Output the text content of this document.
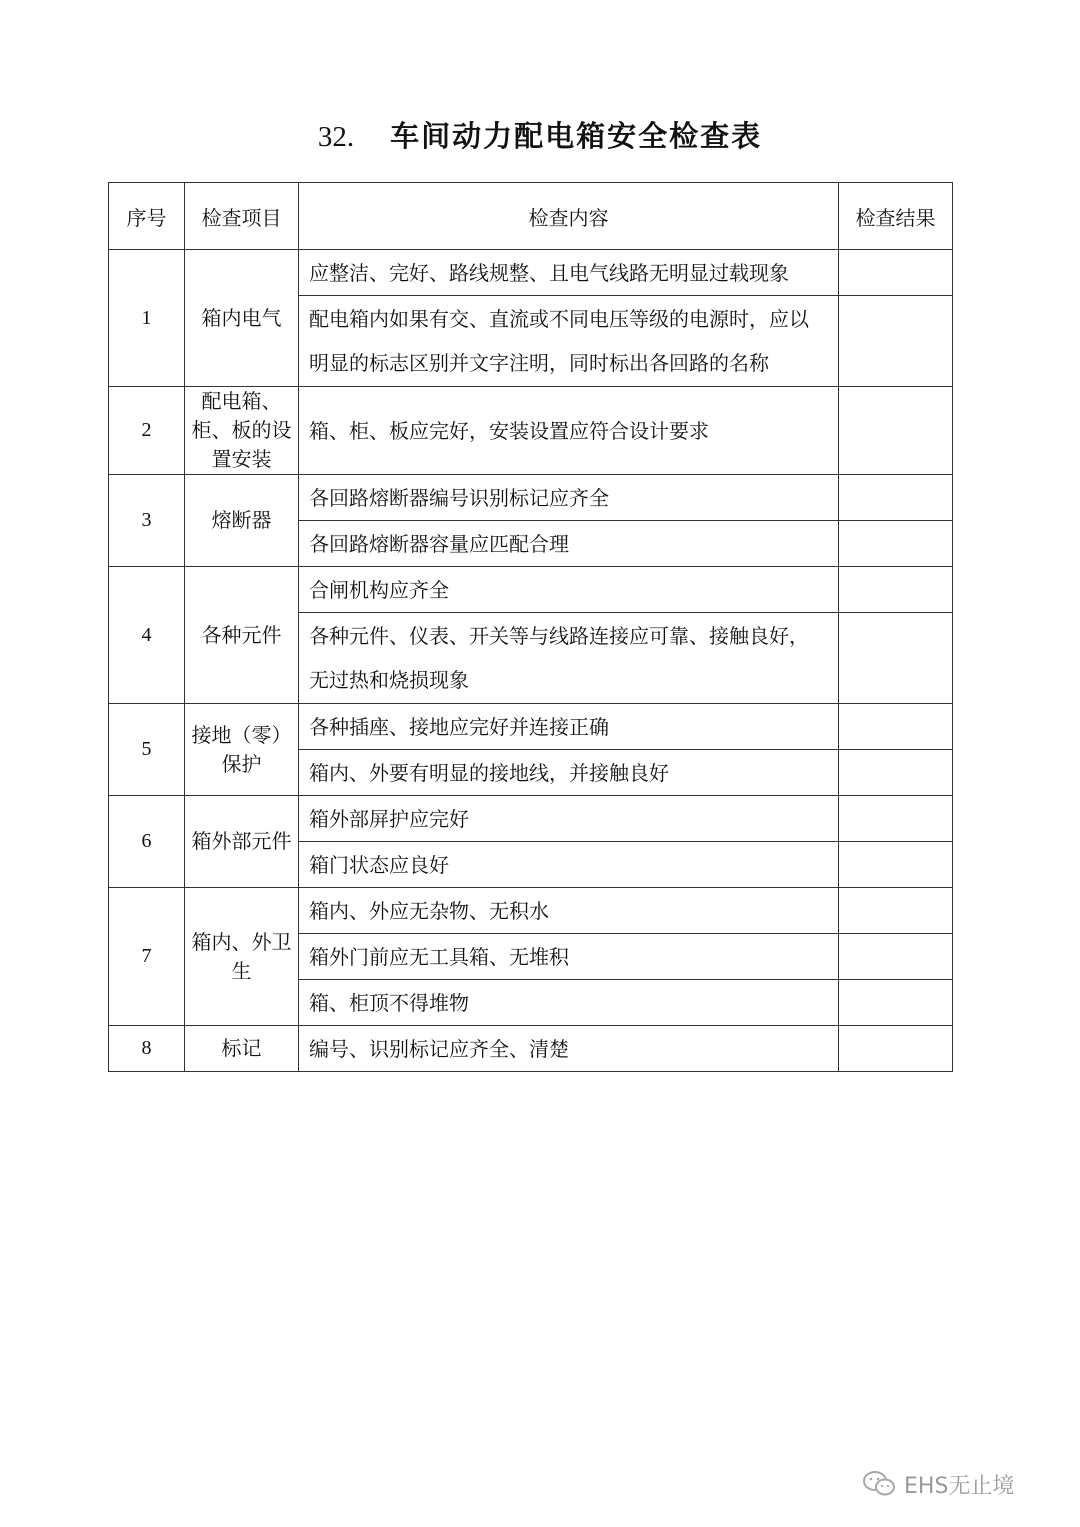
32. 车间动力配电箱安全检查表
序号	检查项目	检查内容	检查结果
1	箱内电气	应整洁、完好、路线规整、且电气线路无明显过载现象	
		配电箱内如果有交、直流或不同电压等级的电源时，应以明显的标志区别并文字注明，同时标出各回路的名称	
2	配电箱、柜、板的设置安装	箱、柜、板应完好，安装设置应符合设计要求	
3	熔断器	各回路熔断器编号识别标记应齐全	
		各回路熔断器容量应匹配合理	
4	各种元件	合闸机构应齐全	
		各种元件、仪表、开关等与线路连接应可靠、接触良好，无过热和烧损现象	
5	接地（零）保护	各种插座、接地应完好并连接正确	
		箱内、外要有明显的接地线，并接触良好	
6	箱外部元件	箱外部屏护应完好	
		箱门状态应良好	
7	箱内、外卫生	箱内、外应无杂物、无积水	
		箱外门前应无工具箱、无堆积	
		箱、柜顶不得堆物	
8	标记	编号、识别标记应齐全、清楚	
EHS无止境
